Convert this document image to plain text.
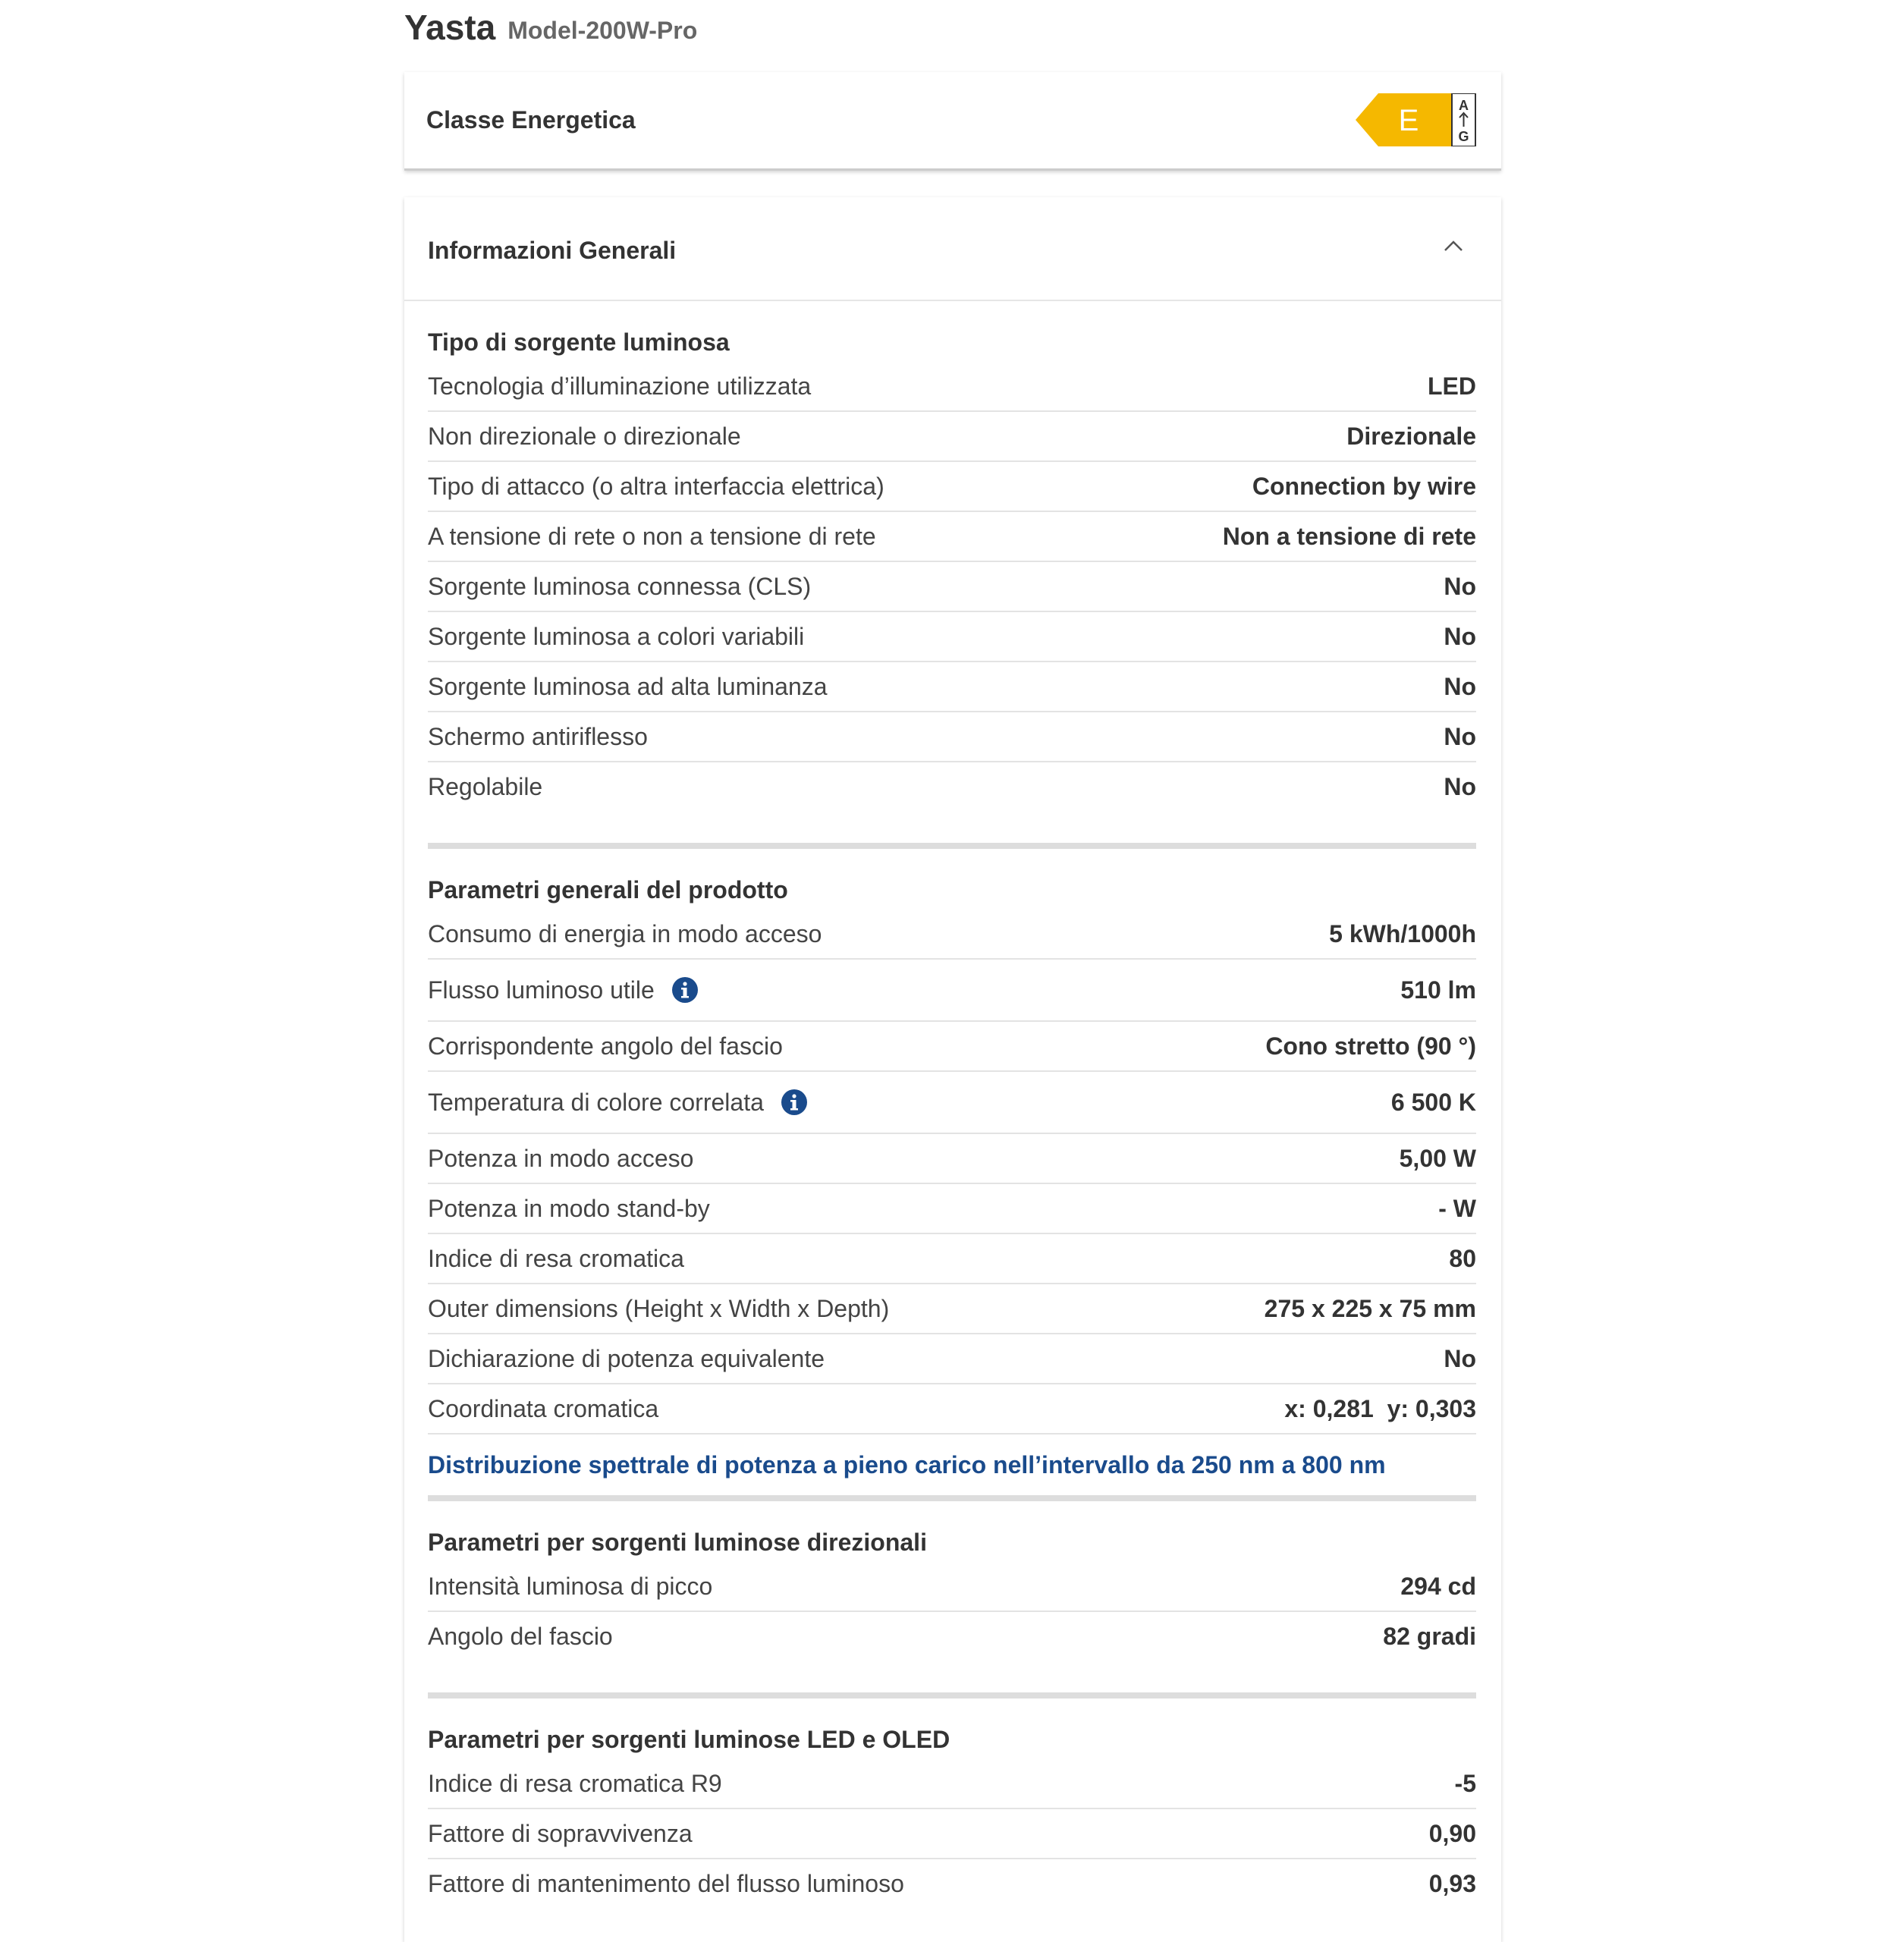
Yasta Model-200W-Pro
Classe Energetica	E	A
G
Informazioni Generali
Tipo di sorgente luminosa
Tecnologia d’illuminazione utilizzata	LED
Non direzionale o direzionale	Direzionale
Tipo di attacco (o altra interfaccia elettrica)	Connection by wire
A tensione di rete o non a tensione di rete	Non a tensione di rete
Sorgente luminosa connessa (CLS)	No
Sorgente luminosa a colori variabili	No
Sorgente luminosa ad alta luminanza	No
Schermo antiriflesso	No
Regolabile	No
Parametri generali del prodotto
Consumo di energia in modo acceso	5 kWh/1000h
Flusso luminoso utile	510 lm
Corrispondente angolo del fascio	Cono stretto (90 °)
Temperatura di colore correlata	6 500 K
Potenza in modo acceso	5,00 W
Potenza in modo stand-by	- W
Indice di resa cromatica	80
Outer dimensions (Height x Width x Depth)	275 x 225 x 75 mm
Dichiarazione di potenza equivalente	No
Coordinata cromatica	x: 0,281  y: 0,303
Distribuzione spettrale di potenza a pieno carico nell’intervallo da 250 nm a 800 nm
Parametri per sorgenti luminose direzionali
Intensità luminosa di picco	294 cd
Angolo del fascio	82 gradi
Parametri per sorgenti luminose LED e OLED
Indice di resa cromatica R9	-5
Fattore di sopravvivenza	0,90
Fattore di mantenimento del flusso luminoso	0,93
